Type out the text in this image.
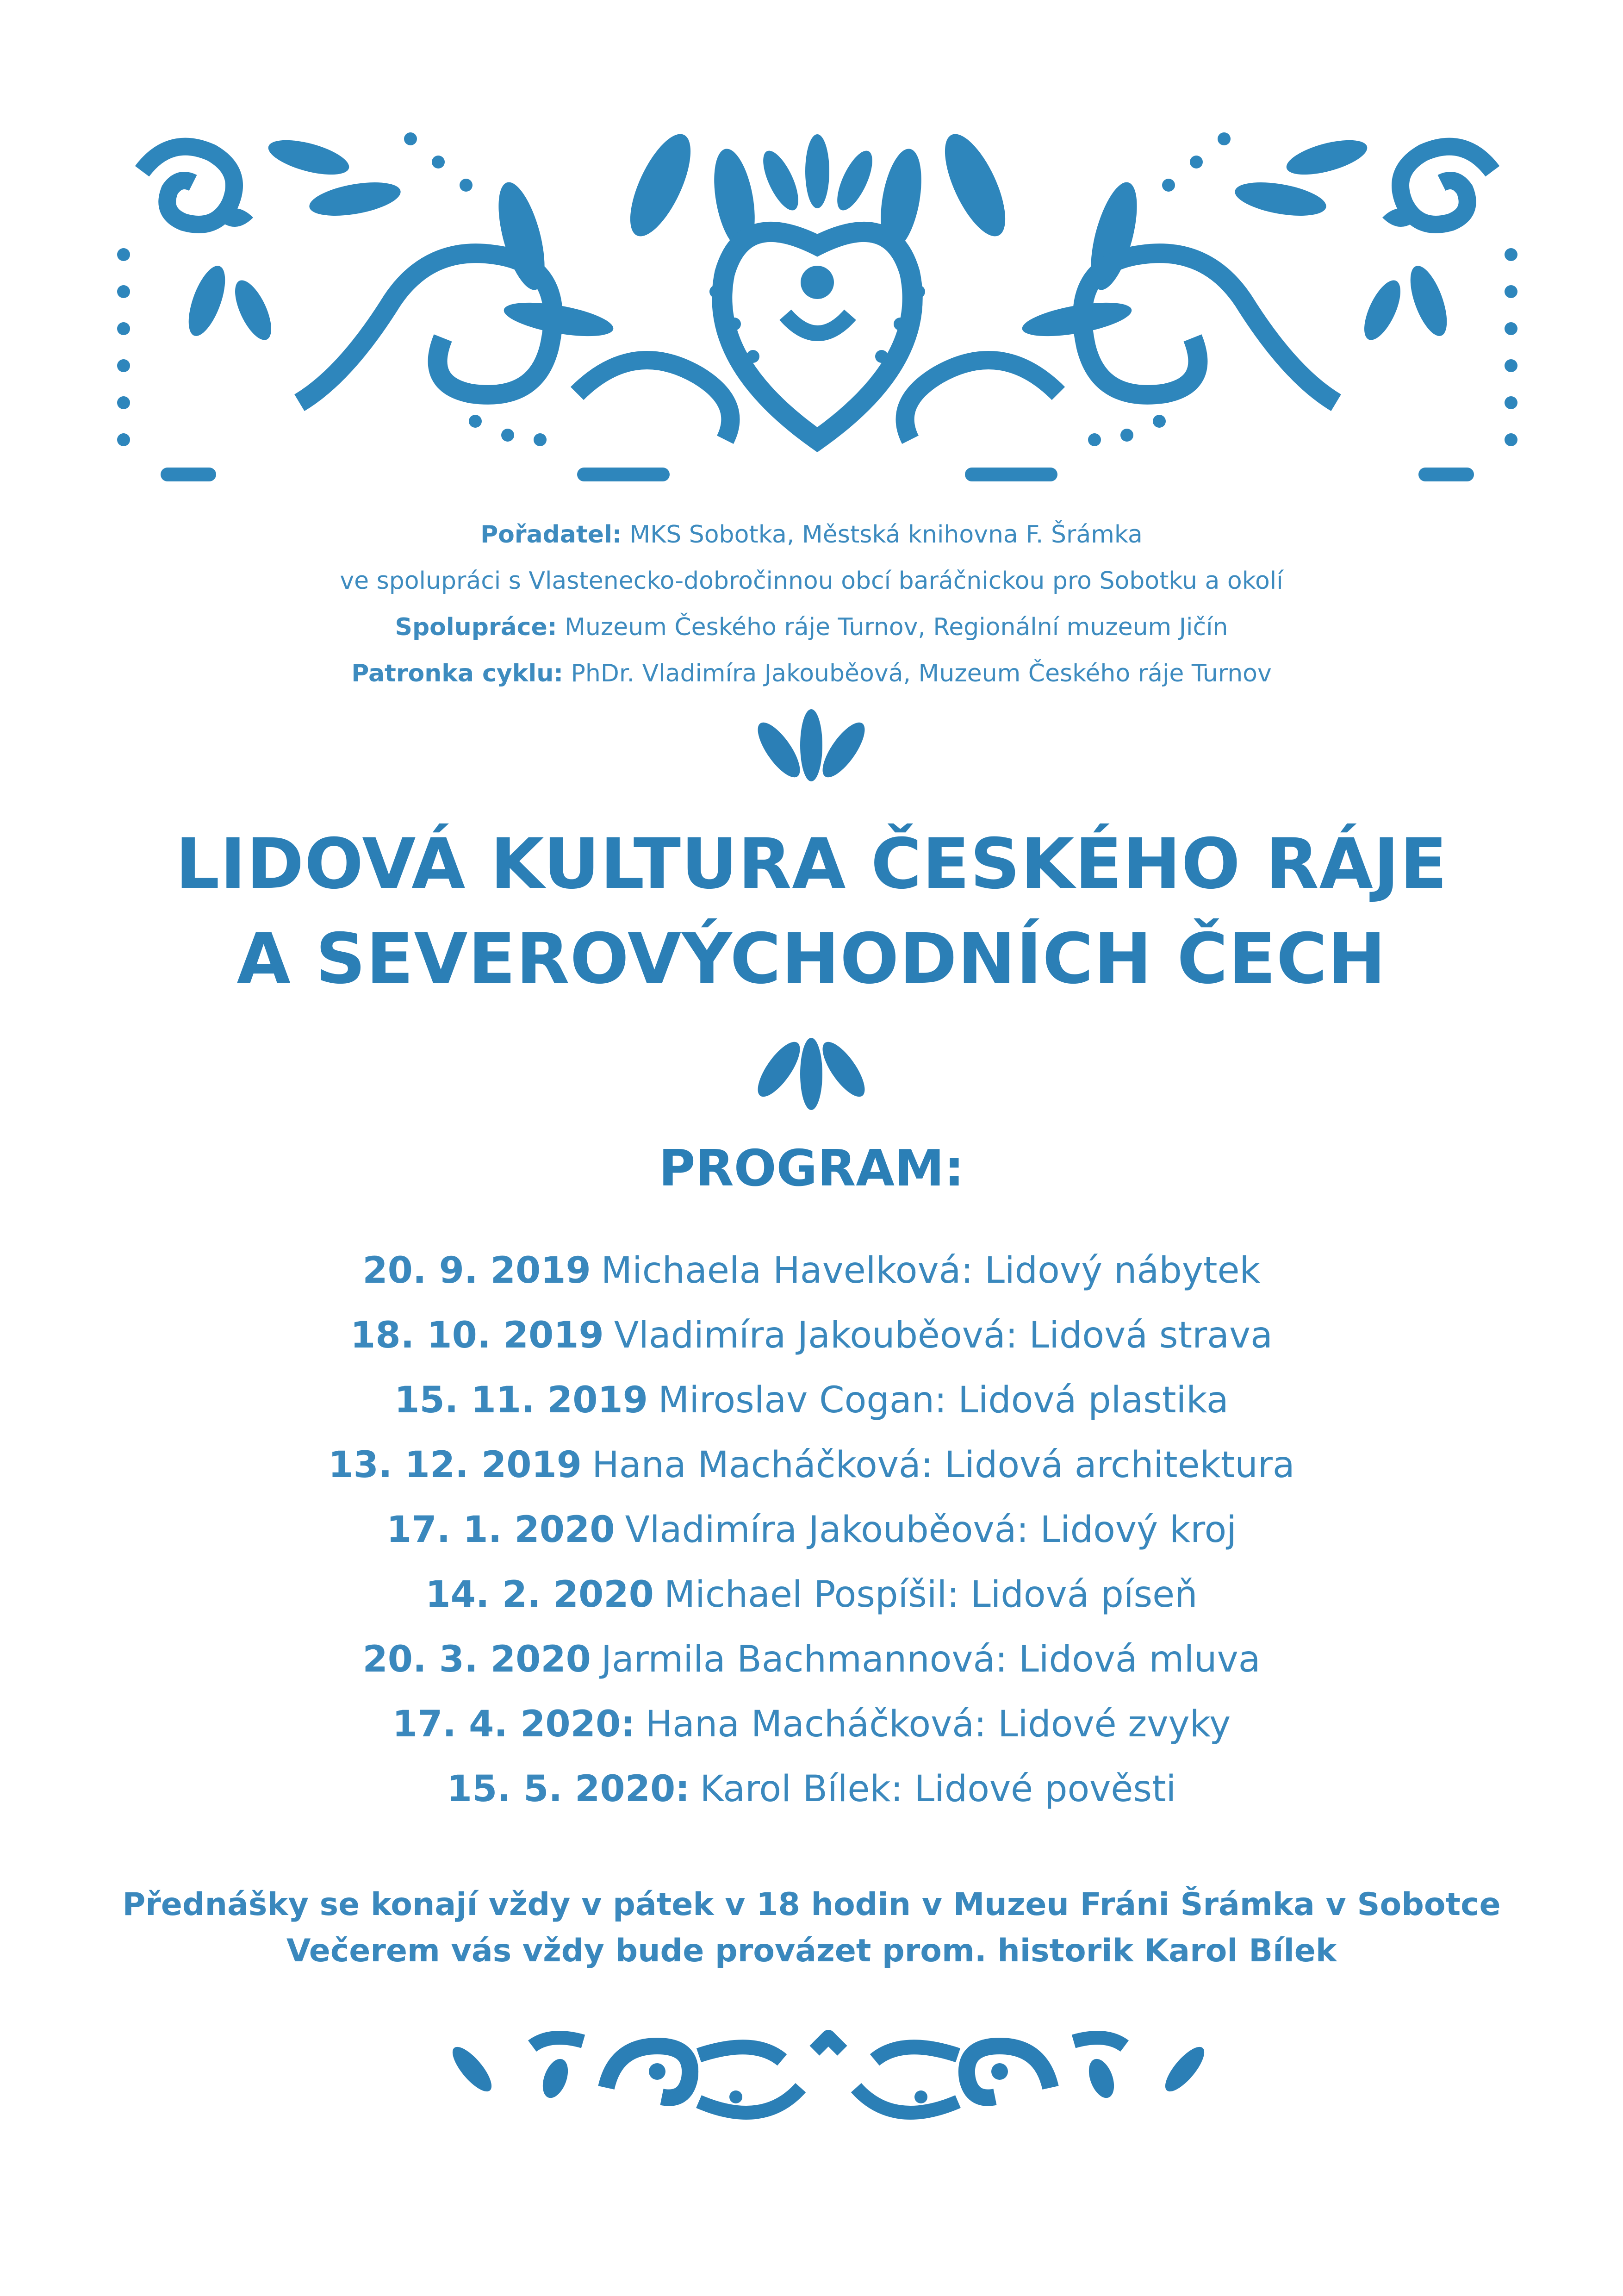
Pořadatel: MKS Sobotka, Městská knihovna F. Šrámka

ve spolupráci s Vlastenecko-dobročinnou obcí baráčnickou pro Sobotku a okolí

Spolupráce: Muzeum Českého ráje Turnov, Regionální muzeum Jičín

Patronka cyklu: PhDr. Vladimíra Jakouběová, Muzeum Českého ráje Turnov

LIDOVÁ KULTURA ČESKÉHO RÁJE
A SEVEROVÝCHODNÍCH ČECH
PROGRAM:
20. 9. 2019 Michaela Havelková: Lidový nábytek
18. 10. 2019 Vladimíra Jakouběová: Lidová strava
15. 11. 2019 Miroslav Cogan: Lidová plastika
13. 12. 2019 Hana Macháčková: Lidová architektura
17. 1. 2020 Vladimíra Jakouběová: Lidový kroj
14. 2. 2020 Michael Pospíšil: Lidová píseň
20. 3. 2020 Jarmila Bachmannová: Lidová mluva
17. 4. 2020: Hana Macháčková: Lidové zvyky
15. 5. 2020: Karol Bílek: Lidové pověsti

Přednášky se konají vždy v pátek v 18 hodin v Muzeu Fráni Šrámka v Sobotce

Večerem vás vždy bude provázet prom. historik Karol Bílek
